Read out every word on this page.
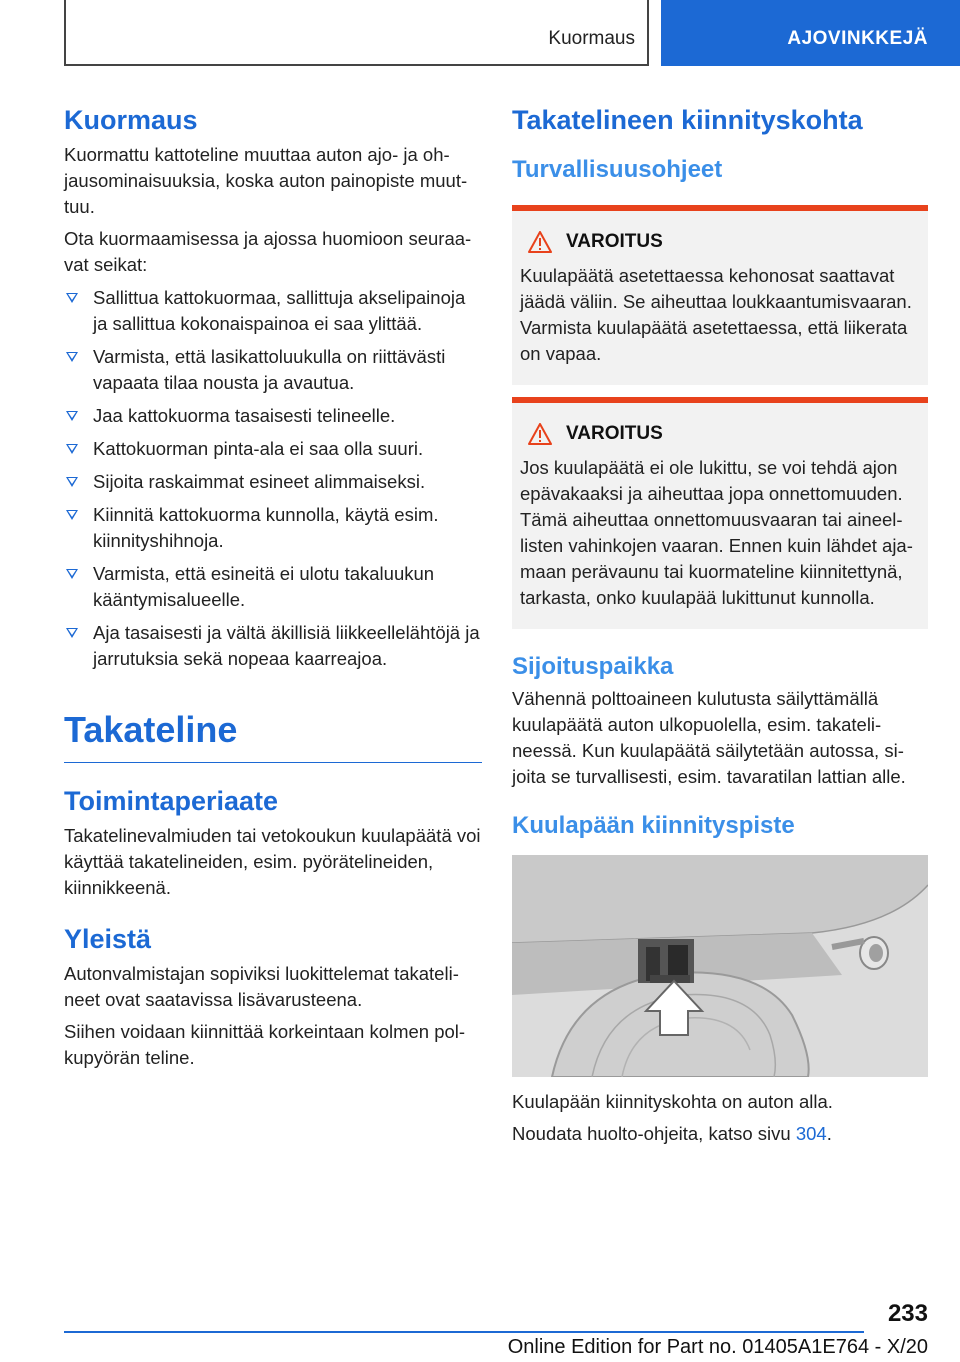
Kuormaus	AJOVINKKEJÄ
Kuormaus

Kuormattu kattoteline muuttaa auton ajo- ja ohjausominaisuuksia, koska auton painopiste muuttuu.

Ota kuormaamisessa ja ajossa huomioon seuraavat seikat:

Sallittua kattokuormaa, sallittuja akselipainoja ja sallittua kokonaispainoa ei saa ylittää.
Varmista, että lasikattoluukulla on riittävästi vapaata tilaa nousta ja avautua.
Jaa kattokuorma tasaisesti telineelle.
Kattokuorman pinta-ala ei saa olla suuri.
Sijoita raskaimmat esineet alimmaiseksi.
Kiinnitä kattokuorma kunnolla, käytä esim. kiinnityshihnoja.
Varmista, että esineitä ei ulotu takaluukun kääntymisalueelle.
Aja tasaisesti ja vältä äkillisiä liikkeellelähtöjä ja jarrutuksia sekä nopeaa kaarreajoa.
Takateline
Toimintaperiaate

Takatelinevalmiuden tai vetokoukun kuulapäätä voi käyttää takatelineiden, esim. pyörätelineiden, kiinnikkeenä.

Yleistä

Autonvalmistajan sopiviksi luokittelemat takatelineet ovat saatavissa lisävarusteena.

Siihen voidaan kiinnittää korkeintaan kolmen polkupyörän teline.

Takatelineen kiinnityskohta
Turvallisuusohjeet
VAROITUS

Kuulapäätä asetettaessa kehonosat saattavat jäädä väliin. Se aiheuttaa loukkaantumisvaaran. Varmista kuulapäätä asetettaessa, että liikerata on vapaa.

VAROITUS

Jos kuulapäätä ei ole lukittu, se voi tehdä ajon epävakaaksi ja aiheuttaa jopa onnettomuuden. Tämä aiheuttaa onnettomuusvaaran tai aineellisten vahinkojen vaaran. Ennen kuin lähdet ajamaan perävaunu tai kuormateline kiinnitettynä, tarkasta, onko kuulapää lukittunut kunnolla.

Sijoituspaikka

Vähennä polttoaineen kulutusta säilyttämällä kuulapäätä auton ulkopuolella, esim. takatelineessä. Kun kuulapäätä säilytetään autossa, sijoita se turvallisesti, esim. tavaratilan lattian alle.

Kuulapään kiinnityspiste

Kuulapään kiinnityskohta on auton alla.

Noudata huolto-ohjeita, katso sivu 304.

233
Online Edition for Part no. 01405A1E764 - X/20
